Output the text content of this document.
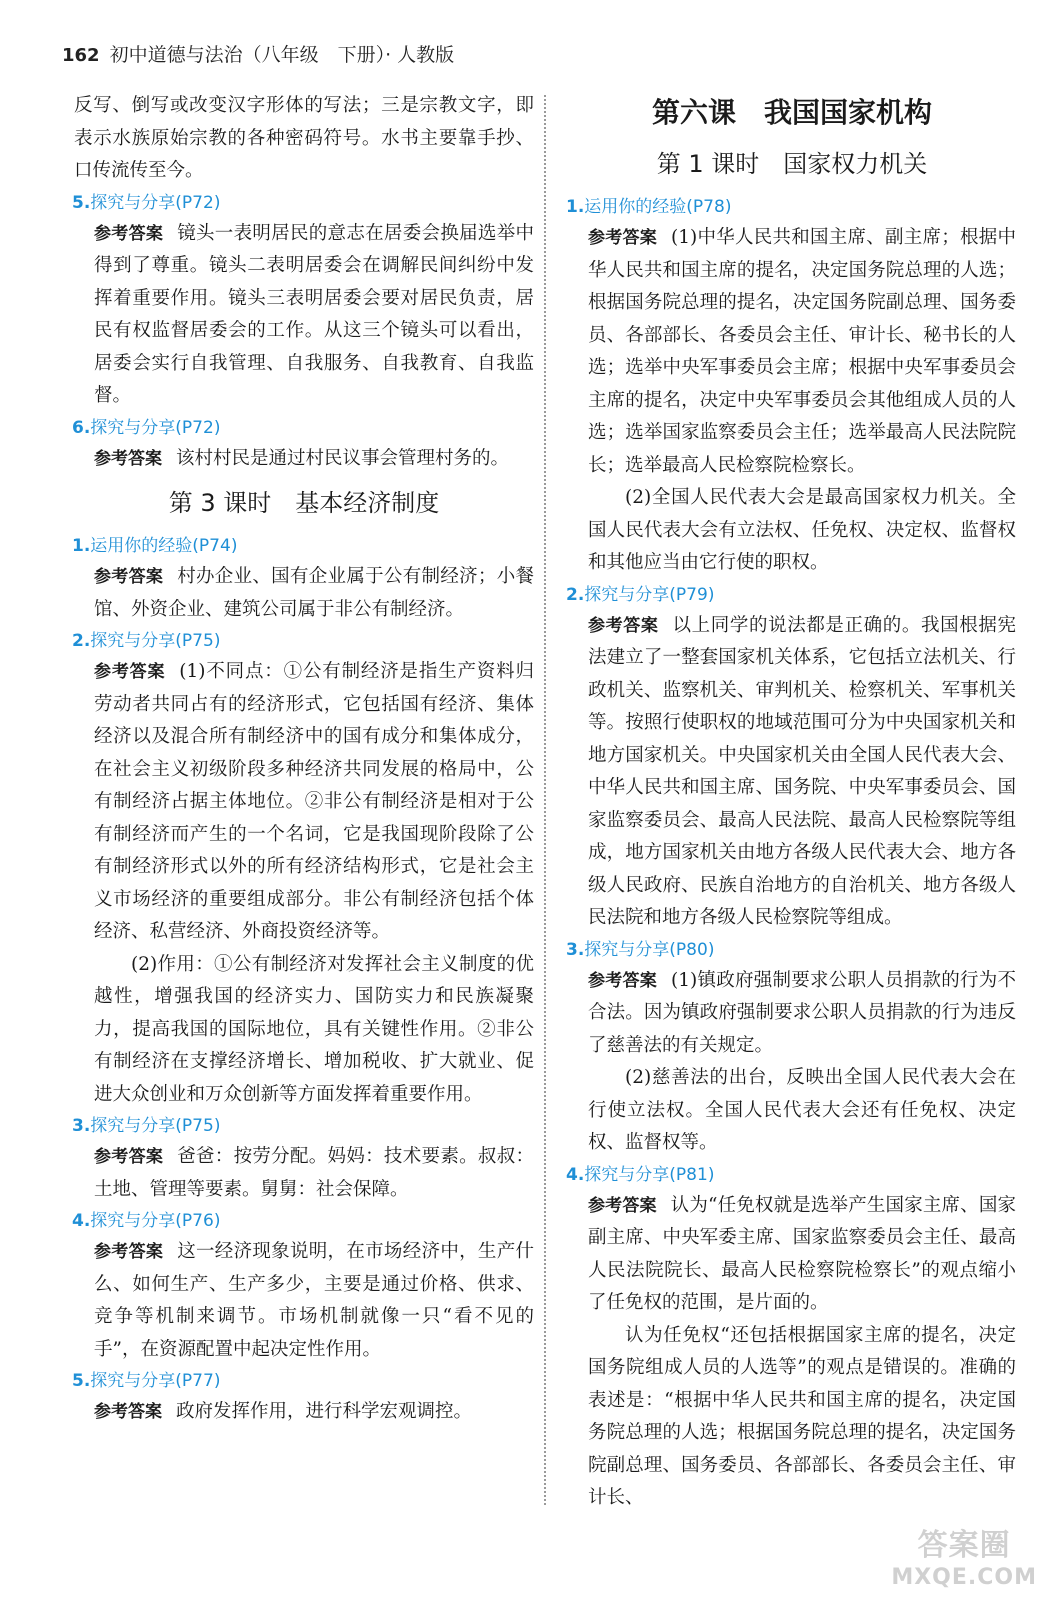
162 初中道德与法治（八年级　下册）· 人教版

反写、倒写或改变汉字形体的写法；三是宗教文字，即表示水族原始宗教的各种密码符号。水书主要靠手抄、口传流传至今。

5.探究与分享(P72)

参考答案 镜头一表明居民的意志在居委会换届选举中得到了尊重。镜头二表明居委会在调解民间纠纷中发挥着重要作用。镜头三表明居委会要对居民负责，居民有权监督居委会的工作。从这三个镜头可以看出，居委会实行自我管理、自我服务、自我教育、自我监督。

6.探究与分享(P72)

参考答案 该村村民是通过村民议事会管理村务的。

第 3 课时　基本经济制度
1.运用你的经验(P74)

参考答案 村办企业、国有企业属于公有制经济；小餐馆、外资企业、建筑公司属于非公有制经济。

2.探究与分享(P75)

参考答案 (1)不同点：①公有制经济是指生产资料归劳动者共同占有的经济形式，它包括国有经济、集体经济以及混合所有制经济中的国有成分和集体成分，在社会主义初级阶段多种经济共同发展的格局中，公有制经济占据主体地位。②非公有制经济是相对于公有制经济而产生的一个名词，它是我国现阶段除了公有制经济形式以外的所有经济结构形式，它是社会主义市场经济的重要组成部分。非公有制经济包括个体经济、私营经济、外商投资经济等。

(2)作用：①公有制经济对发挥社会主义制度的优越性，增强我国的经济实力、国防实力和民族凝聚力，提高我国的国际地位，具有关键性作用。②非公有制经济在支撑经济增长、增加税收、扩大就业、促进大众创业和万众创新等方面发挥着重要作用。

3.探究与分享(P75)

参考答案 爸爸：按劳分配。妈妈：技术要素。叔叔：土地、管理等要素。舅舅：社会保障。

4.探究与分享(P76)

参考答案 这一经济现象说明，在市场经济中，生产什么、如何生产、生产多少，主要是通过价格、供求、竞争等机制来调节。市场机制就像一只“看不见的手”，在资源配置中起决定性作用。

5.探究与分享(P77)

参考答案 政府发挥作用，进行科学宏观调控。

第六课　我国国家机构
第 1 课时　国家权力机关
1.运用你的经验(P78)

参考答案 (1)中华人民共和国主席、副主席；根据中华人民共和国主席的提名，决定国务院总理的人选；根据国务院总理的提名，决定国务院副总理、国务委员、各部部长、各委员会主任、审计长、秘书长的人选；选举中央军事委员会主席；根据中央军事委员会主席的提名，决定中央军事委员会其他组成人员的人选；选举国家监察委员会主任；选举最高人民法院院长；选举最高人民检察院检察长。

(2)全国人民代表大会是最高国家权力机关。全国人民代表大会有立法权、任免权、决定权、监督权和其他应当由它行使的职权。

2.探究与分享(P79)

参考答案 以上同学的说法都是正确的。我国根据宪法建立了一整套国家机关体系，它包括立法机关、行政机关、监察机关、审判机关、检察机关、军事机关等。按照行使职权的地域范围可分为中央国家机关和地方国家机关。中央国家机关由全国人民代表大会、中华人民共和国主席、国务院、中央军事委员会、国家监察委员会、最高人民法院、最高人民检察院等组成，地方国家机关由地方各级人民代表大会、地方各级人民政府、民族自治地方的自治机关、地方各级人民法院和地方各级人民检察院等组成。

3.探究与分享(P80)

参考答案 (1)镇政府强制要求公职人员捐款的行为不合法。因为镇政府强制要求公职人员捐款的行为违反了慈善法的有关规定。

(2)慈善法的出台，反映出全国人民代表大会在行使立法权。全国人民代表大会还有任免权、决定权、监督权等。

4.探究与分享(P81)

参考答案 认为“任免权就是选举产生国家主席、国家副主席、中央军委主席、国家监察委员会主任、最高人民法院院长、最高人民检察院检察长”的观点缩小了任免权的范围，是片面的。

认为任免权“还包括根据国家主席的提名，决定国务院组成人员的人选等”的观点是错误的。准确的表述是：“根据中华人民共和国主席的提名，决定国务院总理的人选；根据国务院总理的提名，决定国务院副总理、国务委员、各部部长、各委员会主任、审计长、

答案圈
MXQE.COM
